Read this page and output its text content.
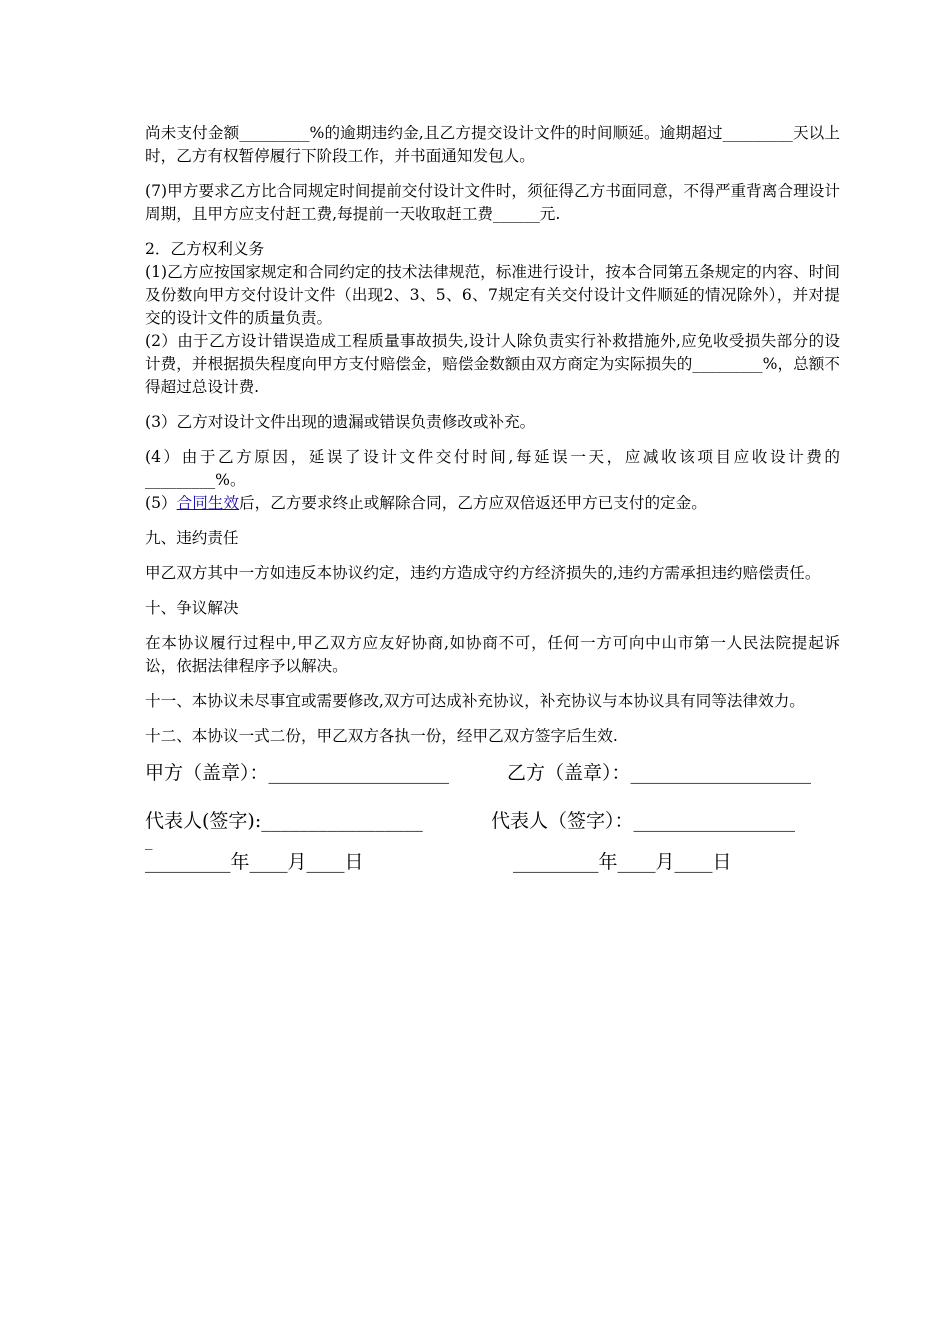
尚未支付金额_________%的逾期违约金,且乙方提交设计文件的时间顺延。逾期超过_________天以上时，乙方有权暂停履行下阶段工作，并书面通知发包人。

(7)甲方要求乙方比合同规定时间提前交付设计文件时，须征得乙方书面同意，不得严重背离合理设计周期，且甲方应支付赶工费,每提前一天收取赶工费______元.

2．乙方权利义务

(1)乙方应按国家规定和合同约定的技术法律规范，标准进行设计，按本合同第五条规定的内容、时间及份数向甲方交付设计文件（出现2、3、5、6、7规定有关交付设计文件顺延的情况除外），并对提交的设计文件的质量负责。

(2）由于乙方设计错误造成工程质量事故损失,设计人除负责实行补救措施外,应免收受损失部分的设计费，并根据损失程度向甲方支付赔偿金，赔偿金数额由双方商定为实际损失的_________%，总额不得超过总设计费.

(3）乙方对设计文件出现的遗漏或错误负责修改或补充。

(4）由于乙方原因，延误了设计文件交付时间,每延误一天，应减收该项目应收设计费的_________%。

(5）合同生效后，乙方要求终止或解除合同，乙方应双倍返还甲方已支付的定金。

九、违约责任

甲乙双方其中一方如违反本协议约定，违约方造成守约方经济损失的,违约方需承担违约赔偿责任。

十、争议解决

在本协议履行过程中,甲乙双方应友好协商,如协商不可，任何一方可向中山市第一人民法院提起诉讼，依据法律程序予以解决。

十一、本协议未尽事宜或需要修改,双方可达成补充协议，补充协议与本协议具有同等法律效力。

十二、本协议一式二份，甲乙双方各执一份，经甲乙双方签字后生效.

甲方（盖章）：___________________	乙方（盖章）：___________________
代表人(签字):_________________	代表人（签字）：_________________
_
_________年____月____日	_________年____月____日
